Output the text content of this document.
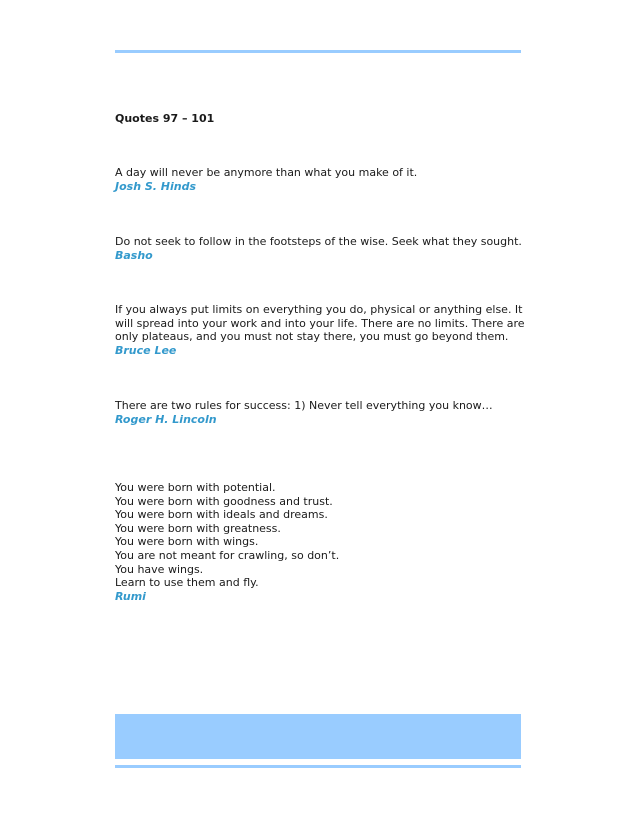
Quotes 97 – 101

A day will never be anymore than what you make of it.

Josh S. Hinds

Do not seek to follow in the footsteps of the wise. Seek what they sought.

Basho

If you always put limits on everything you do, physical or anything else. It
will spread into your work and into your life. There are no limits. There are
only plateaus, and you must not stay there, you must go beyond them.

Bruce Lee

There are two rules for success: 1) Never tell everything you know…

Roger H. Lincoln

You were born with potential.
You were born with goodness and trust.
You were born with ideals and dreams.
You were born with greatness.
You were born with wings.
You are not meant for crawling, so don’t.
You have wings.
Learn to use them and fly.

Rumi
